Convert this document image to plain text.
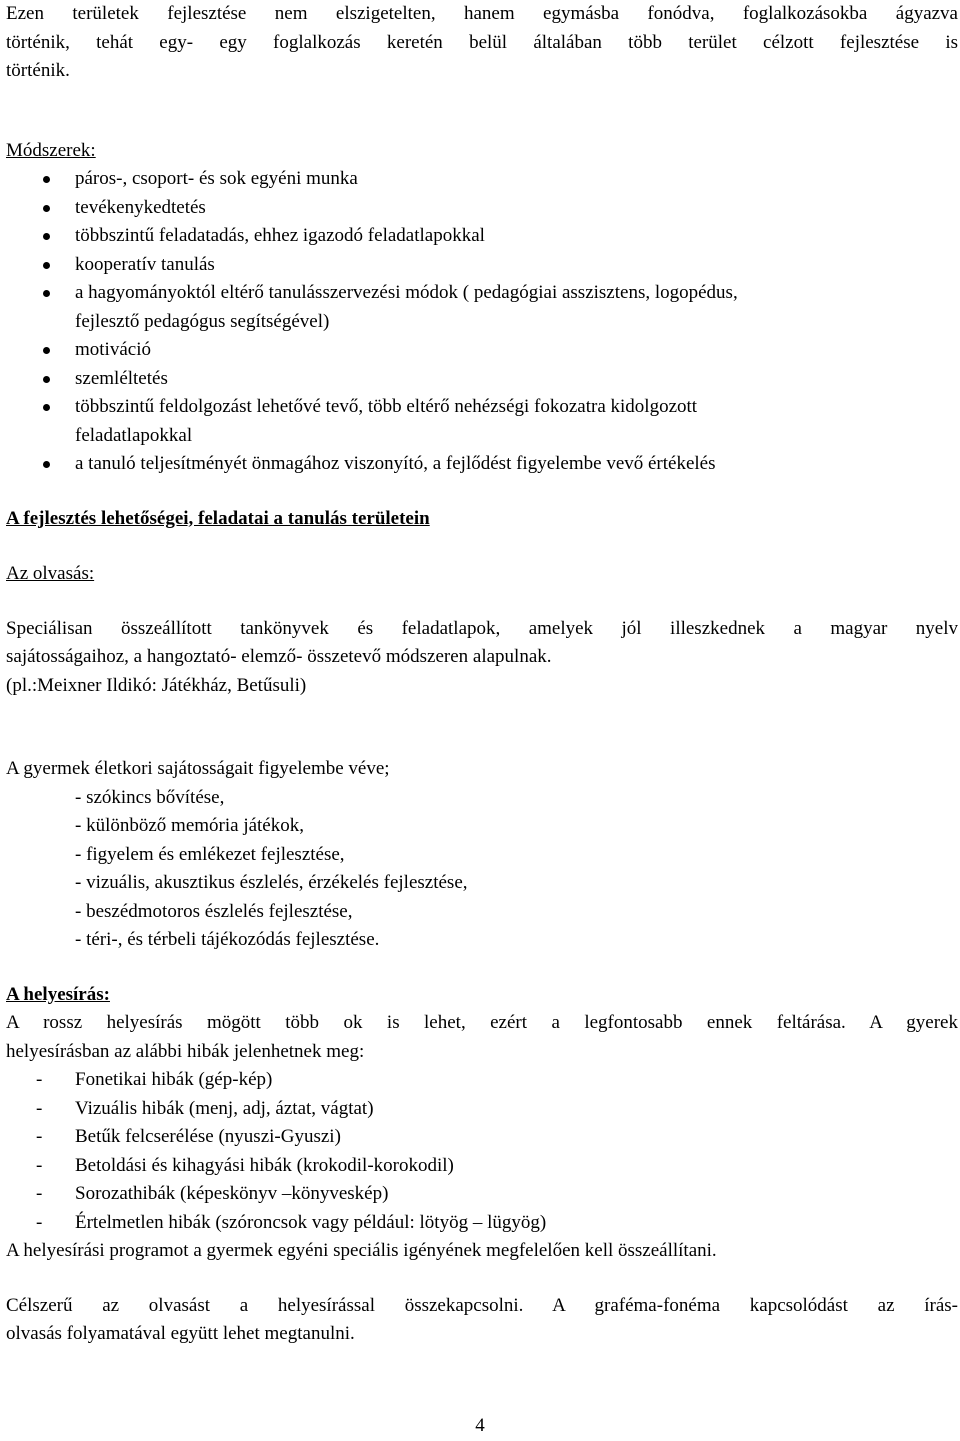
Ezen területek fejlesztése nem elszigetelten, hanem egymásba fonódva, foglalkozásokba ágyazva

történik, tehát egy- egy foglalkozás keretén belül általában több terület célzott fejlesztése is

történik.

Módszerek:

páros-, csoport- és sok egyéni munka
tevékenykedtetés
többszintű feladatadás, ehhez igazodó feladatlapokkal
kooperatív tanulás
a hagyományoktól eltérő tanulásszervezési módok ( pedagógiai asszisztens, logopédus,
fejlesztő pedagógus segítségével)
motiváció
szemléltetés
többszintű feldolgozást lehetővé tevő, több eltérő nehézségi fokozatra kidolgozott
feladatlapokkal
a tanuló teljesítményét önmagához viszonyító, a fejlődést figyelembe vevő értékelés

A fejlesztés lehetőségei, feladatai a tanulás területein

Az olvasás:

Speciálisan összeállított tankönyvek és feladatlapok, amelyek jól illeszkednek a magyar nyelv

sajátosságaihoz, a hangoztató- elemző- összetevő módszeren alapulnak.

(pl.:Meixner Ildikó: Játékház, Betűsuli)

A gyermek életkori sajátosságait figyelembe véve;

- szókincs bővítése,
- különböző memória játékok,
- figyelem és emlékezet fejlesztése,
- vizuális, akusztikus észlelés, érzékelés fejlesztése,
- beszédmotoros észlelés fejlesztése,
- téri-, és térbeli tájékozódás fejlesztése.

A helyesírás:

A rossz helyesírás mögött több ok is lehet, ezért a legfontosabb ennek feltárása. A gyerek

helyesírásban az alábbi hibák jelenhetnek meg:

- Fonetikai hibák (gép-kép)
- Vizuális hibák (menj, adj, áztat, vágtat)
- Betűk felcserélése (nyuszi-Gyuszi)
- Betoldási és kihagyási hibák (krokodil-korokodil)
- Sorozathibák (képeskönyv –könyveskép)
- Értelmetlen hibák (szóroncsok vagy például: lötyög – lügyög)

A helyesírási programot a gyermek egyéni speciális igényének megfelelően kell összeállítani.

Célszerű az olvasást a helyesírással összekapcsolni. A graféma-fonéma kapcsolódást az írás-

olvasás folyamatával együtt lehet megtanulni.

4
